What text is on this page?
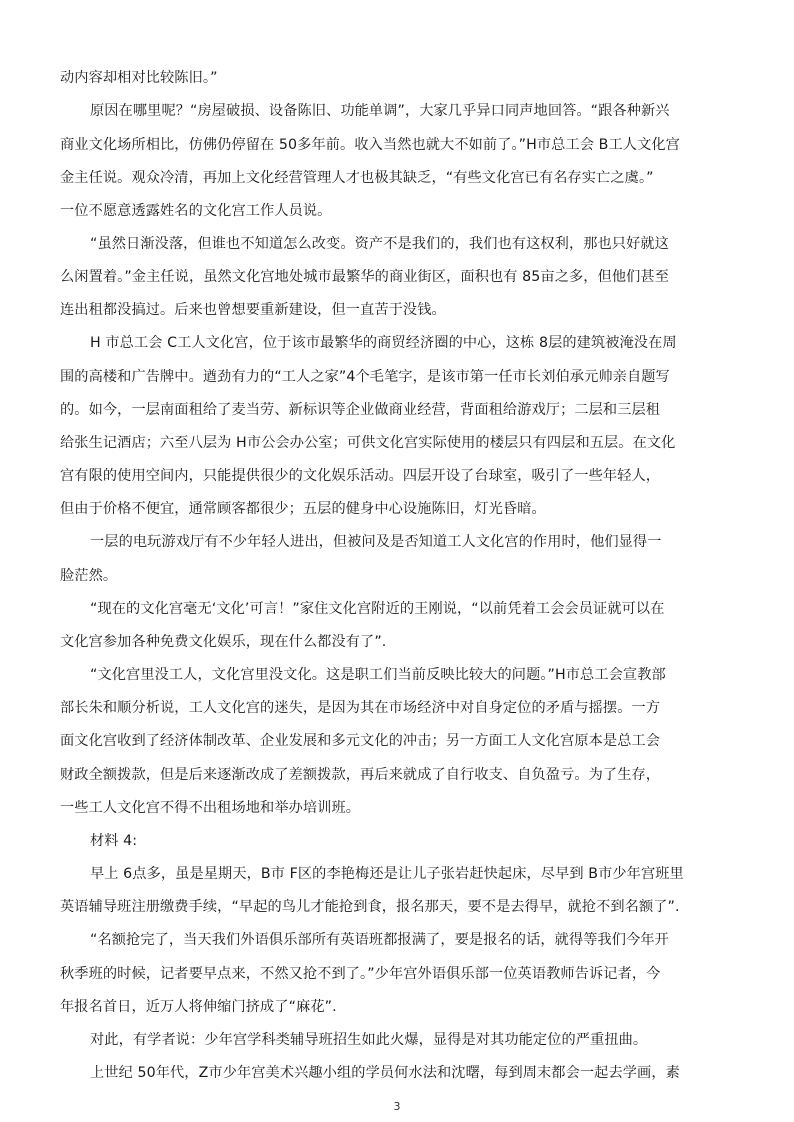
动内容却相对比较陈旧。”
原因在哪里呢？“房屋破损、设备陈旧、功能单调”，大家几乎异口同声地回答。“跟各种新兴
商业文化场所相比，仿佛仍停留在 50多年前。收入当然也就大不如前了。”H市总工会 B工人文化宫
金主任说。观众冷清，再加上文化经营管理人才也极其缺乏，“有些文化宫已有名存实亡之虞。”
一位不愿意透露姓名的文化宫工作人员说。
“虽然日渐没落，但谁也不知道怎么改变。资产不是我们的，我们也有这权利，那也只好就这
么闲置着。”金主任说，虽然文化宫地处城市最繁华的商业街区，面积也有 85亩之多，但他们甚至
连出租都没搞过。后来也曾想要重新建设，但一直苦于没钱。
H 市总工会 C工人文化宫，位于该市最繁华的商贸经济圈的中心，这栋 8层的建筑被淹没在周
围的高楼和广告牌中。遒劲有力的“工人之家”4个毛笔字，是该市第一任市长刘伯承元帅亲自题写
的。如今，一层南面租给了麦当劳、新标识等企业做商业经营，背面租给游戏厅；二层和三层租
给张生记酒店；六至八层为 H市公会办公室；可供文化宫实际使用的楼层只有四层和五层。在文化
宫有限的使用空间内，只能提供很少的文化娱乐活动。四层开设了台球室，吸引了一些年轻人，
但由于价格不便宜，通常顾客都很少；五层的健身中心设施陈旧，灯光昏暗。
一层的电玩游戏厅有不少年轻人进出，但被问及是否知道工人文化宫的作用时，他们显得一
脸茫然。
“现在的文化宫毫无‘文化’可言！”家住文化宫附近的王刚说，“以前凭着工会会员证就可以在
文化宫参加各种免费文化娱乐，现在什么都没有了”.
“文化宫里没工人，文化宫里没文化。这是职工们当前反映比较大的问题。”H市总工会宣教部
部长朱和顺分析说，工人文化宫的迷失，是因为其在市场经济中对自身定位的矛盾与摇摆。一方
面文化宫收到了经济体制改革、企业发展和多元文化的冲击；另一方面工人文化宫原本是总工会
财政全额拨款，但是后来逐渐改成了差额拨款，再后来就成了自行收支、自负盈亏。为了生存，
一些工人文化宫不得不出租场地和举办培训班。
材料 4:
早上 6点多，虽是星期天，B市 F区的李艳梅还是让儿子张岩赶快起床，尽早到 B市少年宫班里
英语辅导班注册缴费手续，“早起的鸟儿才能抢到食，报名那天，要不是去得早，就抢不到名额了”.
“名额抢完了，当天我们外语俱乐部所有英语班都报满了，要是报名的话，就得等我们今年开
秋季班的时候，记者要早点来，不然又抢不到了。”少年宫外语俱乐部一位英语教师告诉记者，今
年报名首日，近万人将伸缩门挤成了“麻花”.
对此，有学者说：少年宫学科类辅导班招生如此火爆，显得是对其功能定位的严重扭曲。
上世纪 50年代，Z市少年宫美术兴趣小组的学员何水法和沈曙，每到周末都会一起去学画，素
3
